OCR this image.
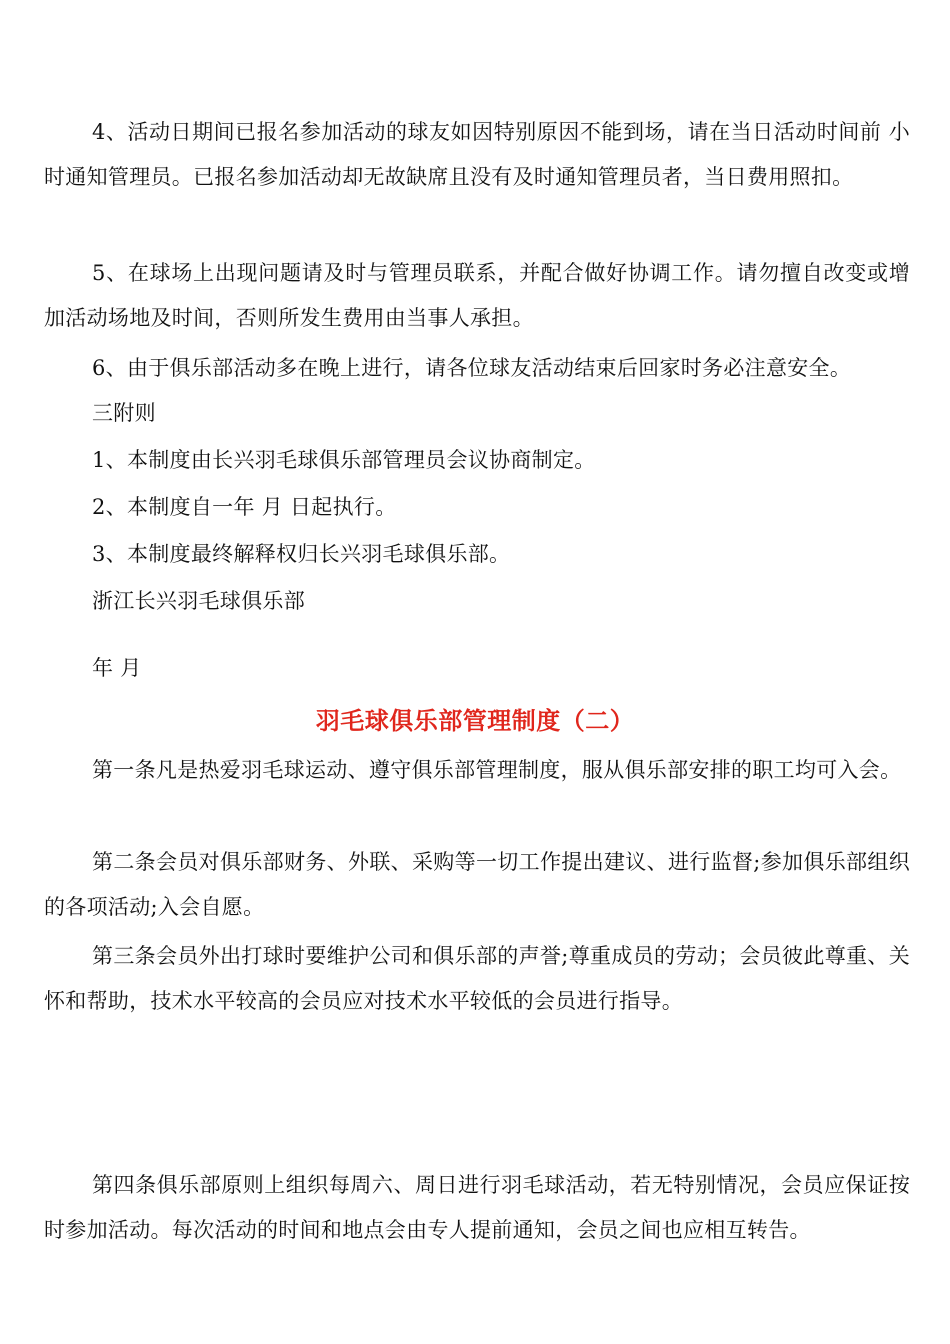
4、活动日期间已报名参加活动的球友如因特别原因不能到场，请在当日活动时间前 小时通知管理员。已报名参加活动却无故缺席且没有及时通知管理员者，当日费用照扣。

5、在球场上出现问题请及时与管理员联系，并配合做好协调工作。请勿擅自改变或增加活动场地及时间，否则所发生费用由当事人承担。

6、由于俱乐部活动多在晚上进行，请各位球友活动结束后回家时务必注意安全。

三附则

1、本制度由长兴羽毛球俱乐部管理员会议协商制定。

2、本制度自一年 月 日起执行。

3、本制度最终解释权归长兴羽毛球俱乐部。

浙江长兴羽毛球俱乐部

年 月

羽毛球俱乐部管理制度（二）

第一条凡是热爱羽毛球运动、遵守俱乐部管理制度，服从俱乐部安排的职工均可入会。

第二条会员对俱乐部财务、外联、采购等一切工作提出建议、进行监督;参加俱乐部组织的各项活动;入会自愿。

第三条会员外出打球时要维护公司和俱乐部的声誉;尊重成员的劳动；会员彼此尊重、关怀和帮助，技术水平较高的会员应对技术水平较低的会员进行指导。

第四条俱乐部原则上组织每周六、周日进行羽毛球活动，若无特别情况，会员应保证按时参加活动。每次活动的时间和地点会由专人提前通知，会员之间也应相互转告。
